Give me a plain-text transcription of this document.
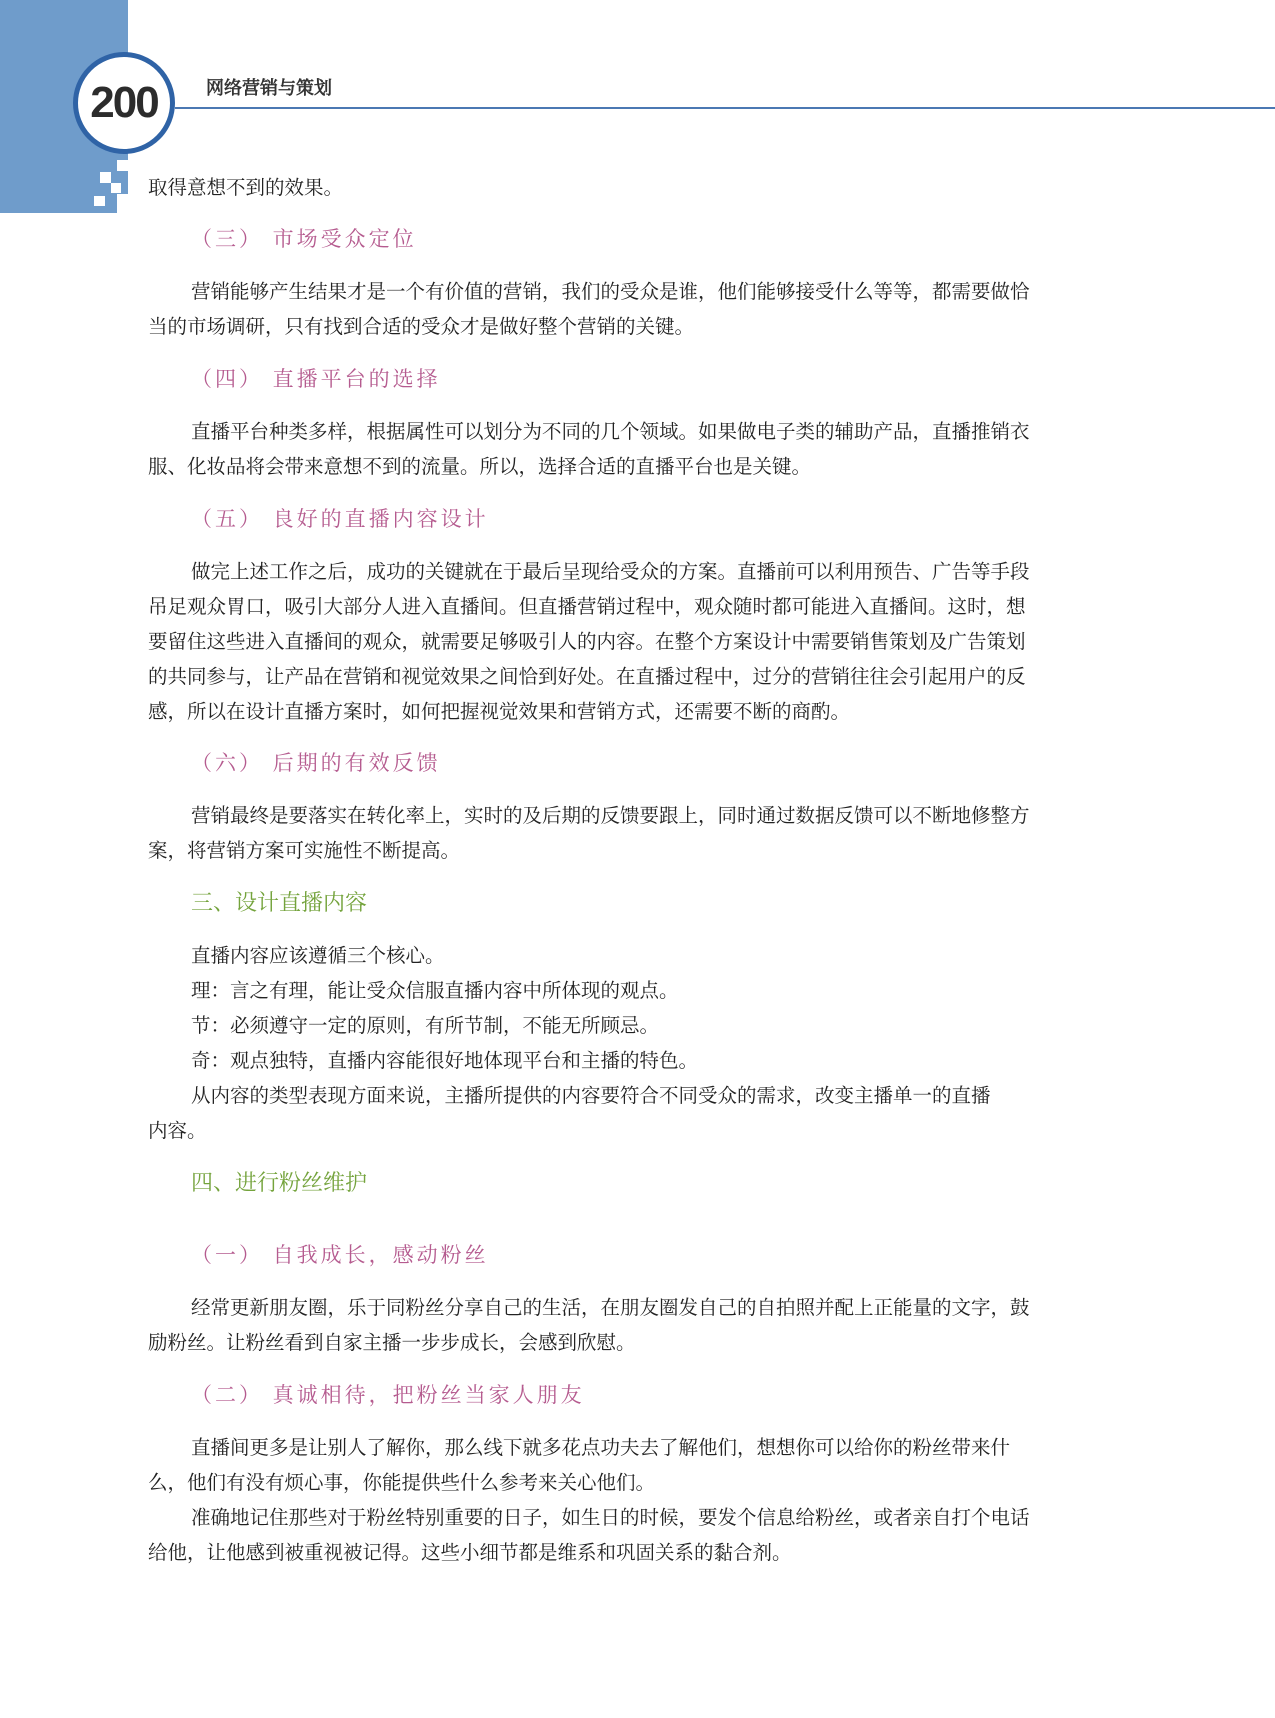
200	网络营销与策划

取得意想不到的效果。

（三） 市场受众定位

营销能够产生结果才是一个有价值的营销，我们的受众是谁，他们能够接受什么等等，都需要做恰
当的市场调研，只有找到合适的受众才是做好整个营销的关键。

（四） 直播平台的选择

直播平台种类多样，根据属性可以划分为不同的几个领域。如果做电子类的辅助产品，直播推销衣
服、化妆品将会带来意想不到的流量。所以，选择合适的直播平台也是关键。

（五） 良好的直播内容设计

做完上述工作之后，成功的关键就在于最后呈现给受众的方案。直播前可以利用预告、广告等手段
吊足观众胃口，吸引大部分人进入直播间。但直播营销过程中，观众随时都可能进入直播间。这时，想
要留住这些进入直播间的观众，就需要足够吸引人的内容。在整个方案设计中需要销售策划及广告策划
的共同参与，让产品在营销和视觉效果之间恰到好处。在直播过程中，过分的营销往往会引起用户的反
感，所以在设计直播方案时，如何把握视觉效果和营销方式，还需要不断的商酌。

（六） 后期的有效反馈

营销最终是要落实在转化率上，实时的及后期的反馈要跟上，同时通过数据反馈可以不断地修整方
案，将营销方案可实施性不断提高。

三、设计直播内容

直播内容应该遵循三个核心。
理：言之有理，能让受众信服直播内容中所体现的观点。
节：必须遵守一定的原则，有所节制，不能无所顾忌。
奇：观点独特，直播内容能很好地体现平台和主播的特色。
从内容的类型表现方面来说，主播所提供的内容要符合不同受众的需求，改变主播单一的直播
内容。

四、进行粉丝维护
（一） 自我成长，感动粉丝

经常更新朋友圈，乐于同粉丝分享自己的生活，在朋友圈发自己的自拍照并配上正能量的文字，鼓
励粉丝。让粉丝看到自家主播一步步成长，会感到欣慰。

（二） 真诚相待，把粉丝当家人朋友

直播间更多是让别人了解你，那么线下就多花点功夫去了解他们，想想你可以给你的粉丝带来什
么，他们有没有烦心事，你能提供些什么参考来关心他们。
准确地记住那些对于粉丝特别重要的日子，如生日的时候，要发个信息给粉丝，或者亲自打个电话
给他，让他感到被重视被记得。这些小细节都是维系和巩固关系的黏合剂。
